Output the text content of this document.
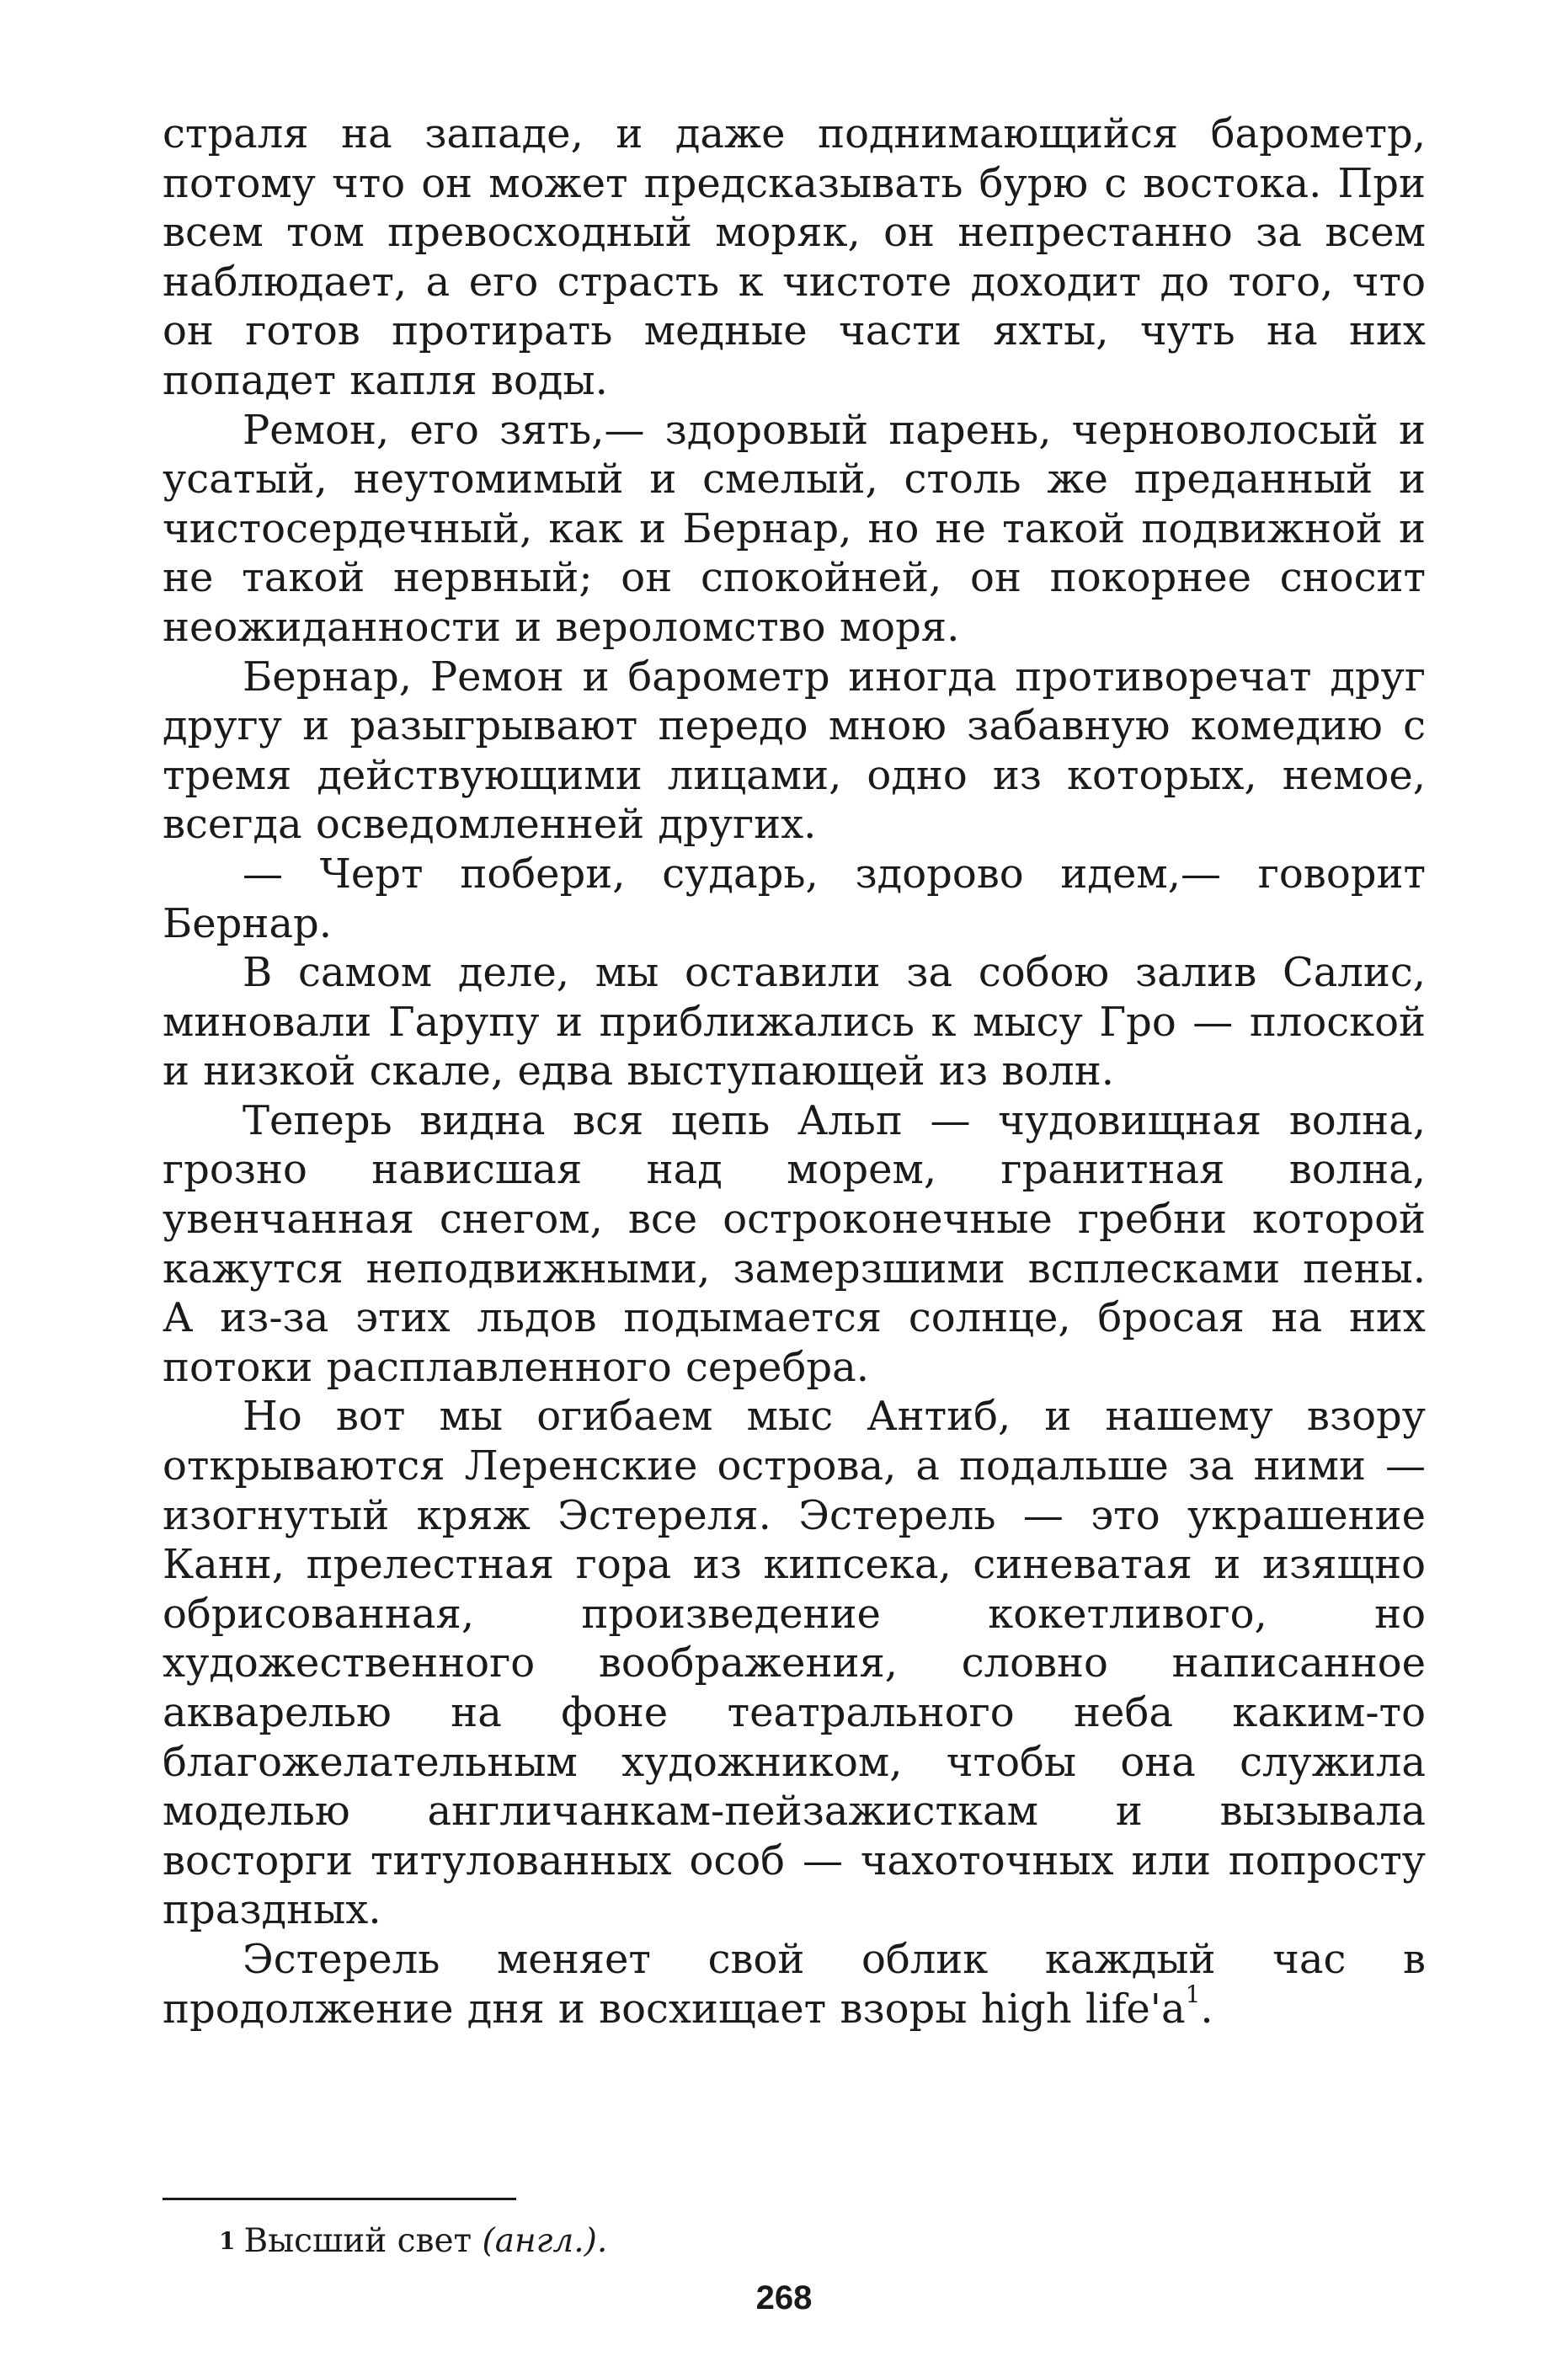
страля на западе, и даже поднимающийся барометр, потому что он может предсказывать бурю с востока. При всем том превосходный моряк, он непрестанно за всем наблюдает, а его страсть к чистоте доходит до того, что он готов протирать медные части яхты, чуть на них попадет капля воды.

Ремон, его зять,— здоровый парень, черноволосый и усатый, неутомимый и смелый, столь же преданный и чистосердечный, как и Бернар, но не такой подвижной и не такой нервный; он спокойней, он покорнее сносит неожиданности и вероломство моря.

Бернар, Ремон и барометр иногда противоречат друг другу и разыгрывают передо мною забавную комедию с тремя действующими лицами, одно из которых, немое, всегда осведомленней других.

— Черт побери, сударь, здорово идем,— говорит Бернар.

В самом деле, мы оставили за собою залив Салис, миновали Гарупу и приближались к мысу Гро — плоской и низкой скале, едва выступающей из волн.

Теперь видна вся цепь Альп — чудовищная волна, грозно нависшая над морем, гранитная волна, увенчанная снегом, все остроконечные гребни которой кажутся неподвижными, замерзшими всплесками пены. А из-за этих льдов подымается солнце, бросая на них потоки расплавленного серебра.

Но вот мы огибаем мыс Антиб, и нашему взору открываются Леренские острова, а подальше за ними — изогнутый кряж Эстереля. Эстерель — это украшение Канн, прелестная гора из кипсека, синеватая и изящно обрисованная, произведение кокетливого, но художественного воображения, словно написанное акварелью на фоне театрального неба каким-то благожелательным художником, чтобы она служила моделью англичанкам-пейзажисткам и вызывала восторги титулованных особ — чахоточных или попросту праздных.

Эстерель меняет свой облик каждый час в продолжение дня и восхищает взоры high life'а$^1$.

$^1$ Высший свет (англ.).
268
